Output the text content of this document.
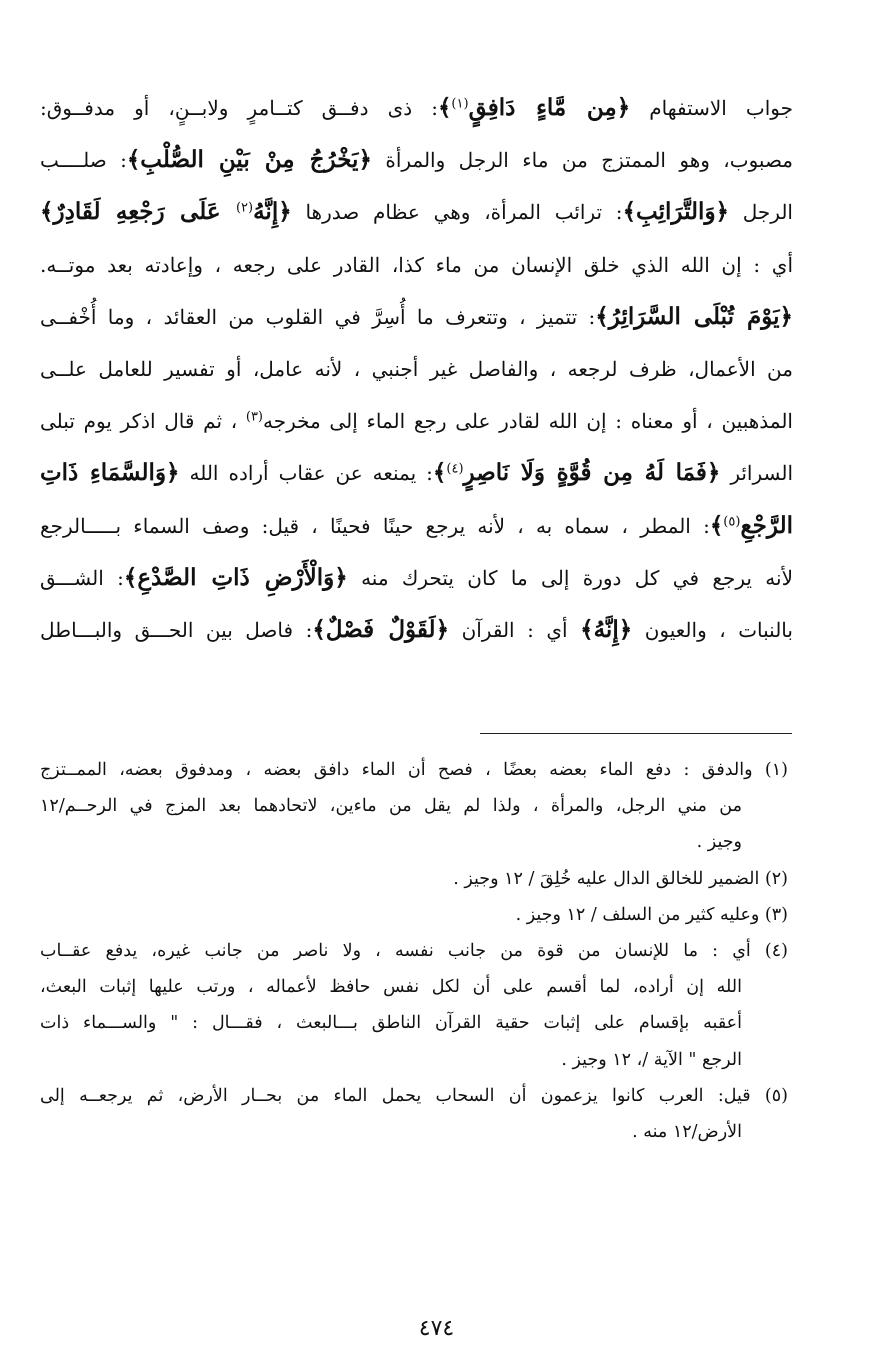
جواب الاستفهام ﴿مِن مَّاءٍ دَافِقٍ$^{(١)}$﴾: ذى دفــق كتــامرٍ ولابــنٍ، أو مدفــوق:
مصبوب، وهو الممتزج من ماء الرجل والمرأة ﴿يَخْرُجُ مِنْ بَيْنِ الصُّلْبِ﴾: صلــــب
الرجل ﴿وَالتَّرَائِبِ﴾: ترائب المرأة، وهي عظام صدرها ﴿إِنَّهُ$^{(٢)}$ عَلَى رَجْعِهِ لَقَادِرٌ﴾
أي : إن الله الذي خلق الإنسان من ماء كذا، القادر على رجعه ، وإعادته بعد موتــه.
﴿يَوْمَ تُبْلَى السَّرَائِرُ﴾: تتميز ، وتتعرف ما أُسِرَّ في القلوب من العقائد ، وما أُخْفــى
من الأعمال، ظرف لرجعه ، والفاصل غير أجنبي ، لأنه عامل، أو تفسير للعامل علــى
المذهبين ، أو معناه : إن الله لقادر على رجع الماء إلى مخرجه$^{(٣)}$ ، ثم قال اذكر يوم تبلى
السرائر ﴿فَمَا لَهُ مِن قُوَّةٍ وَلَا نَاصِرٍ$^{(٤)}$﴾: يمنعه عن عقاب أراده الله ﴿وَالسَّمَاءِ ذَاتِ
الرَّجْعِ$^{(٥)}$﴾: المطر ، سماه به ، لأنه يرجع حينًا فحينًا ، قيل: وصف السماء بـــــالرجع
لأنه يرجع في كل دورة إلى ما كان يتحرك منه ﴿وَالْأَرْضِ ذَاتِ الصَّدْعِ﴾: الشـــق
بالنبات ، والعيون ﴿إِنَّهُ﴾ أي : القرآن ﴿لَقَوْلٌ فَصْلٌ﴾: فاصل بين الحـــق والبـــاطل
(١) والدفق : دفع الماء بعضه بعضًا ، فصح أن الماء دافق بعضه ، ومدفوق بعضه، الممــتزج
من مني الرجل، والمرأة ، ولذا لم يقل من ماءين، لاتحادهما بعد المزج في الرحــم/١٢
وجيز .
(٢) الضمير للخالق الدال عليه خُلِقَ / ١٢ وجيز .
(٣) وعليه كثير من السلف / ١٢ وجيز .
(٤) أي : ما للإنسان من قوة من جانب نفسه ، ولا ناصر من جانب غيره، يدفع عقــاب
الله إن أراده، لما أقسم على أن لكل نفس حافظ لأعماله ، ورتب عليها إثبات البعث،
أعقبه بإقسام على إثبات حقية القرآن الناطق بـــالبعث ، فقـــال : " والســـماء ذات
الرجع " الآية /، ١٢ وجيز .
(٥) قيل: العرب كانوا يزعمون أن السحاب يحمل الماء من بحــار الأرض، ثم يرجعــه إلى
الأرض/١٢ منه .
٤٧٤
